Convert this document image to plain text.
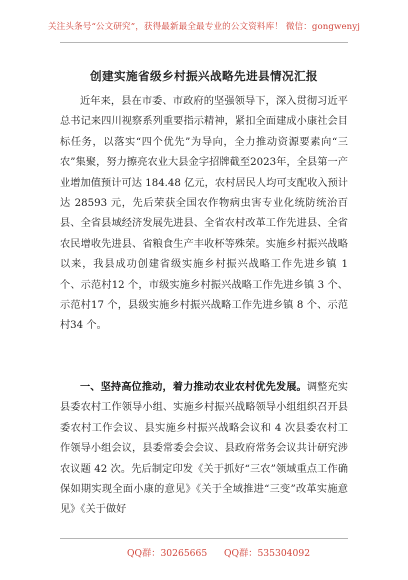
关注头条号“公文研究”，获得最新最全最专业的公文资料库！ 微信：gongwenyj
创建实施省级乡村振兴战略先进县情况汇报

近年来，县在市委、市政府的坚强领导下，深入贯彻习近平总书记来四川视察系列重要指示精神，紧扣全面建成小康社会目标任务，以落实“四个优先”为导向，全力推动资源要素向“三农”集聚，努力擦亮农业大县金字招牌截至2023年，全县第一产业增加值预计可达 184.48 亿元，农村居民人均可支配收入预计达 28593 元，先后荣获全国农作物病虫害专业化统防统治百县、全省县域经济发展先进县、全省农村改革工作先进县、全省农民增收先进县、省粮食生产丰收杯等殊荣。实施乡村振兴战略以来，我县成功创建省级实施乡村振兴战略工作先进乡镇 1 个、示范村12 个，市级实施乡村振兴战略工作先进乡镇 3 个、示范村17 个，县级实施乡村振兴战略工作先进乡镇 8 个、示范村34 个。

一、坚持高位推动，着力推动农业农村优先发展。调整充实县委农村工作领导小组、实施乡村振兴战略领导小组组织召开县委农村工作会议、县实施乡村振兴战略会议和 4 次县委农村工作领导小组会议，县委常委会会议、县政府常务会议共计研究涉农议题 42 次。先后制定印发《关于抓好“三农”领域重点工作确保如期实现全面小康的意见》《关于全域推进“三变”改革实施意见》《关于做好

QQ群：30265665 QQ群：535304092
